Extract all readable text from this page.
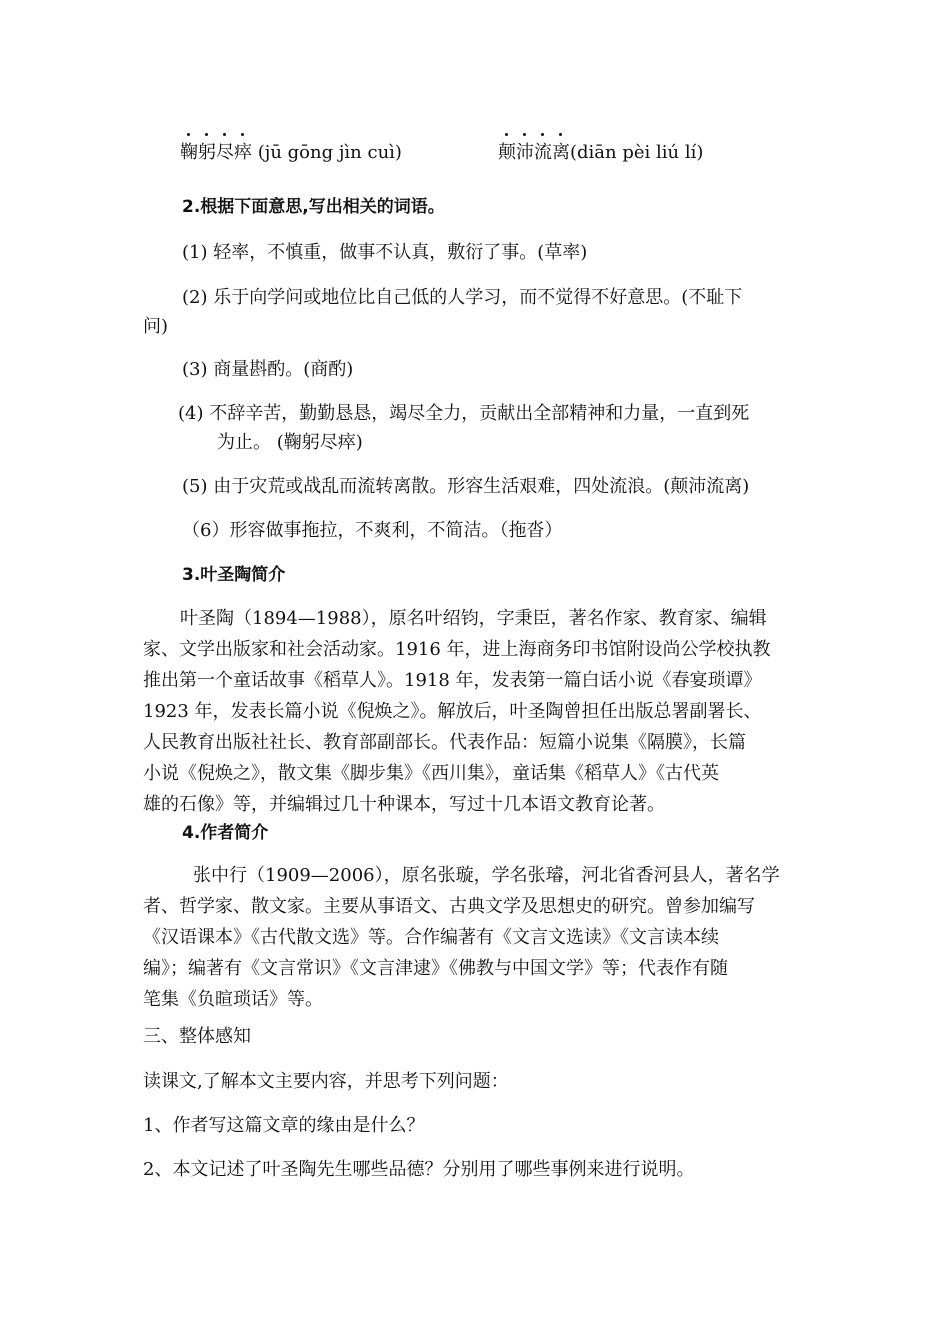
鞠躬尽瘁 (jū gōng jìn cuì)	颠沛流离(diān pèi liú lí)
2.根据下面意思,写出相关的词语。
(1) 轻率，不慎重，做事不认真，敷衍了事。(草率)
(2) 乐于向学问或地位比自己低的人学习，而不觉得不好意思。(不耻下
问)
(3) 商量斟酌。(商酌)
(4) 不辞辛苦，勤勤恳恳，竭尽全力，贡献出全部精神和力量，一直到死
为止。 (鞠躬尽瘁)
(5) 由于灾荒或战乱而流转离散。形容生活艰难，四处流浪。(颠沛流离)
（6）形容做事拖拉，不爽利，不简洁。（拖沓）
3.叶圣陶简介
叶圣陶（1894—1988），原名叶绍钧，字秉臣，著名作家、教育家、编辑
家、文学出版家和社会活动家。1916 年，进上海商务印书馆附设尚公学校执教
推出第一个童话故事《稻草人》。1918 年，发表第一篇白话小说《春宴琐谭》
1923 年，发表长篇小说《倪焕之》。解放后，叶圣陶曾担任出版总署副署长、
人民教育出版社社长、教育部副部长。代表作品：短篇小说集《隔膜》，长篇
小说《倪焕之》，散文集《脚步集》《西川集》，童话集《稻草人》《古代英
雄的石像》等，并编辑过几十种课本，写过十几本语文教育论著。
4.作者简介
张中行（1909—2006），原名张璇，学名张璿，河北省香河县人，著名学
者、哲学家、散文家。主要从事语文、古典文学及思想史的研究。曾参加编写
《汉语课本》《古代散文选》等。合作编著有《文言文选读》《文言读本续
编》；编著有《文言常识》《文言津逮》《佛教与中国文学》等；代表作有随
笔集《负暄琐话》等。
三、整体感知
读课文,了解本文主要内容，并思考下列问题：
1、作者写这篇文章的缘由是什么？
2、本文记述了叶圣陶先生哪些品德？分别用了哪些事例来进行说明。
